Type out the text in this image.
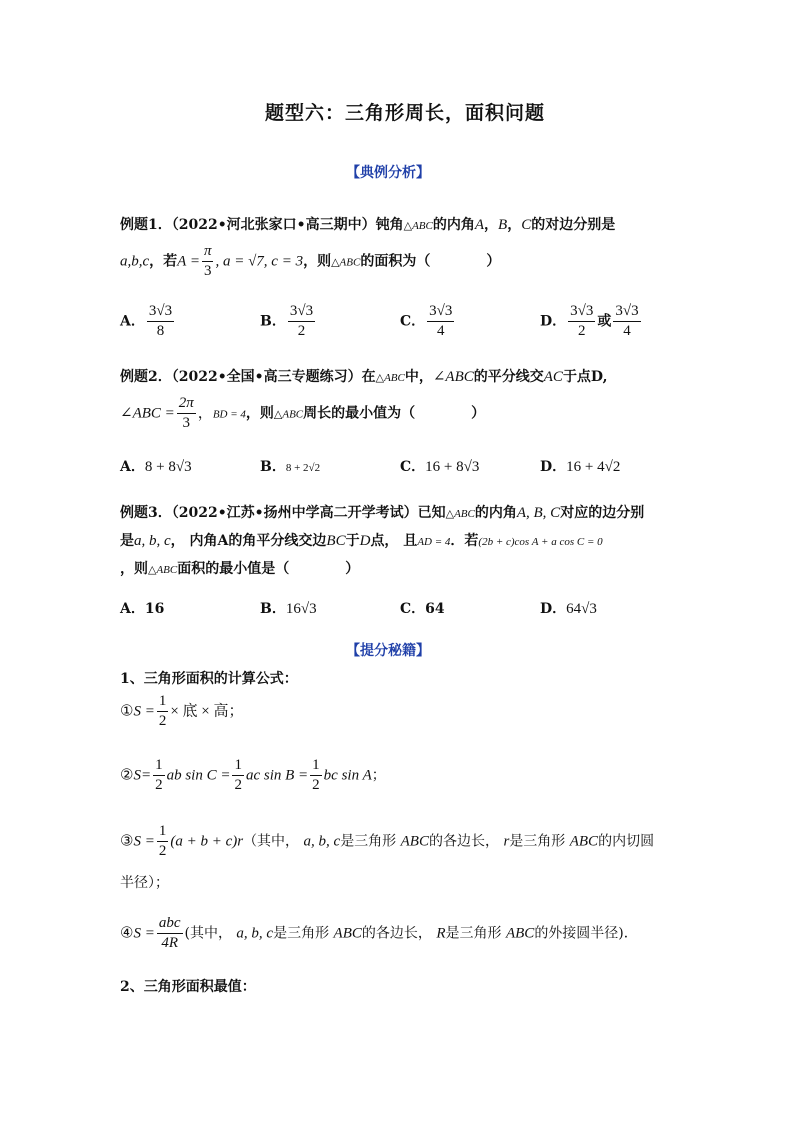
题型六：三角形周长，面积问题
【典例分析】
例题1．（2022•河北张家口•高三期中）钝角△ABC的内角A，B，C的对边分别是
a,b,c，若$A = \frac{\pi}{3}$ , a = √7, c = 3，则△ABC的面积为（　　　　）
A． $\frac{3√3}{8}$	B． $\frac{3√3}{2}$	C． $\frac{3√3}{4}$	D． $\frac{3√3}{2}$ 或 $\frac{3√3}{4}$
例题2．（2022•全国•高三专题练习）在△ABC中，∠ABC的平分线交AC于点D,
∠ABC = $\frac{2\pi}{3}$ ，BD = 4，则△ABC周长的最小值为（　　　　）
A．8 + 8√3	B．8 + 2√2	C．16 + 8√3	D．16 + 4√2
例题3．（2022•江苏•扬州中学高二开学考试）已知△ABC的内角A, B, C对应的边分别
是a, b, c， 内角A的角平分线交边BC于D点， 且AD = 4．若(2b + c)cos A + a cos C = 0
，则△ABC面积的最小值是（　　　　）
A．16	B．16√3	C．64	D．64√3
【提分秘籍】
1、三角形面积的计算公式：
①S = $\frac{1}{2}$ × 底 × 高；
②S= $\frac{1}{2}$ ab $\sin C = \frac{1}{2}$ ac $\sin B = \frac{1}{2}$ bc sin A；
③S = $\frac{1}{2} (a + b + c)r$（其中， a, b, c是三角形 ABC的各边长， r是三角形 ABC的内切圆
半径）；
④S = $\frac{\text{abc}}{4R}$ (其中， a, b, c是三角形 ABC的各边长， R是三角形 ABC的外接圆半径)．
2、三角形面积最值：
